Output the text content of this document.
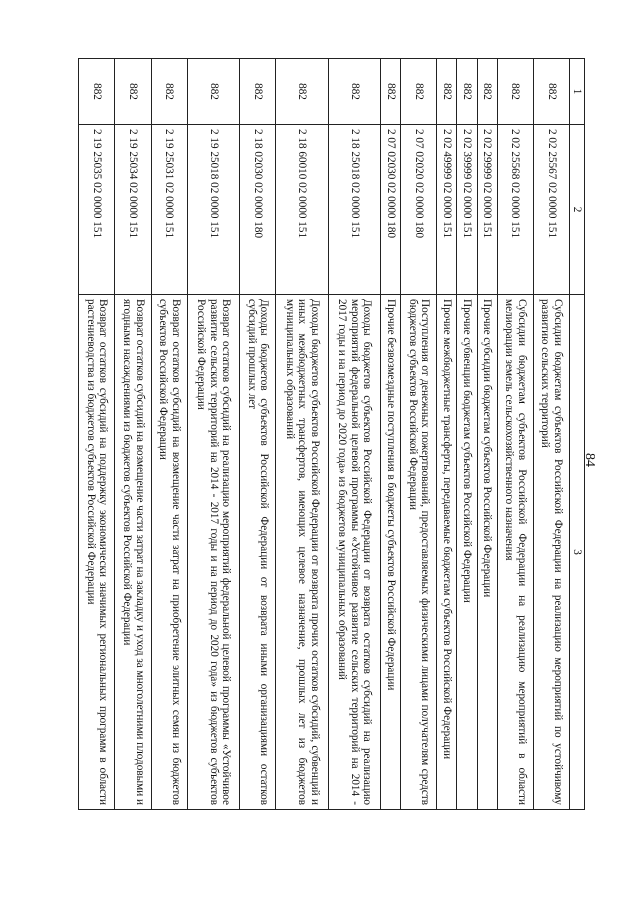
84
1	2	3
882	2 02 25567 02 0000 151	Субсидии бюджетам субъектов Российской Федерации на реализацию мероприятий по устойчивому развитию сельских территорий
882	2 02 25568 02 0000 151	Субсидии бюджетам субъектов Российской Федерации на реализацию мероприятий в области мелиорации земель сельскохозяйственного назначения
882	2 02 29999 02 0000 151	Прочие субсидии бюджетам субъектов Российской Федерации
882	2 02 39999 02 0000 151	Прочие субвенции бюджетам субъектов Российской Федерации
882	2 02 49999 02 0000 151	Прочие межбюджетные трансферты, передаваемые бюджетам субъектов Российской Федерации
882	2 07 02020 02 0000 180	Поступления от денежных пожертвований, предоставляемых физическими лицами получателям средств бюджетов субъектов Российской Федерации
882	2 07 02030 02 0000 180	Прочие безвозмездные поступления в бюджеты субъектов Российской Федерации
882	2 18 25018 02 0000 151	Доходы бюджетов субъектов Российской Федерации от возврата остатков субсидий на реализацию мероприятий федеральной целевой программы «Устойчивое развитие сельских территорий на 2014 - 2017 годы и на период до 2020 года» из бюджетов муниципальных образований
882	2 18 60010 02 0000 151	Доходы бюджетов субъектов Российской Федерации от возврата прочих остатков субсидий, субвенций и иных межбюджетных трансфертов, имеющих целевое назначение, прошлых лет из бюджетов муниципальных образований
882	2 18 02030 02 0000 180	Доходы бюджетов субъектов Российской Федерации от возврата иными организациями остатков субсидий прошлых лет
882	2 19 25018 02 0000 151	Возврат остатков субсидий на реализацию мероприятий федеральной целевой программы «Устойчивое развитие сельских территорий на 2014 - 2017 годы и на период до 2020 года» из бюджетов субъектов Российской Федерации
882	2 19 25031 02 0000 151	Возврат остатков субсидий на возмещение части затрат на приобретение элитных семян из бюджетов субъектов Российской Федерации
882	2 19 25034 02 0000 151	Возврат остатков субсидий на возмещение части затрат на закладку и уход за многолетними плодовыми и ягодными насаждениями из бюджетов субъектов Российской Федерации
882	2 19 25035 02 0000 151	Возврат остатков субсидий на поддержку экономически значимых региональных программ в области растениеводства из бюджетов субъектов Российской Федерации
